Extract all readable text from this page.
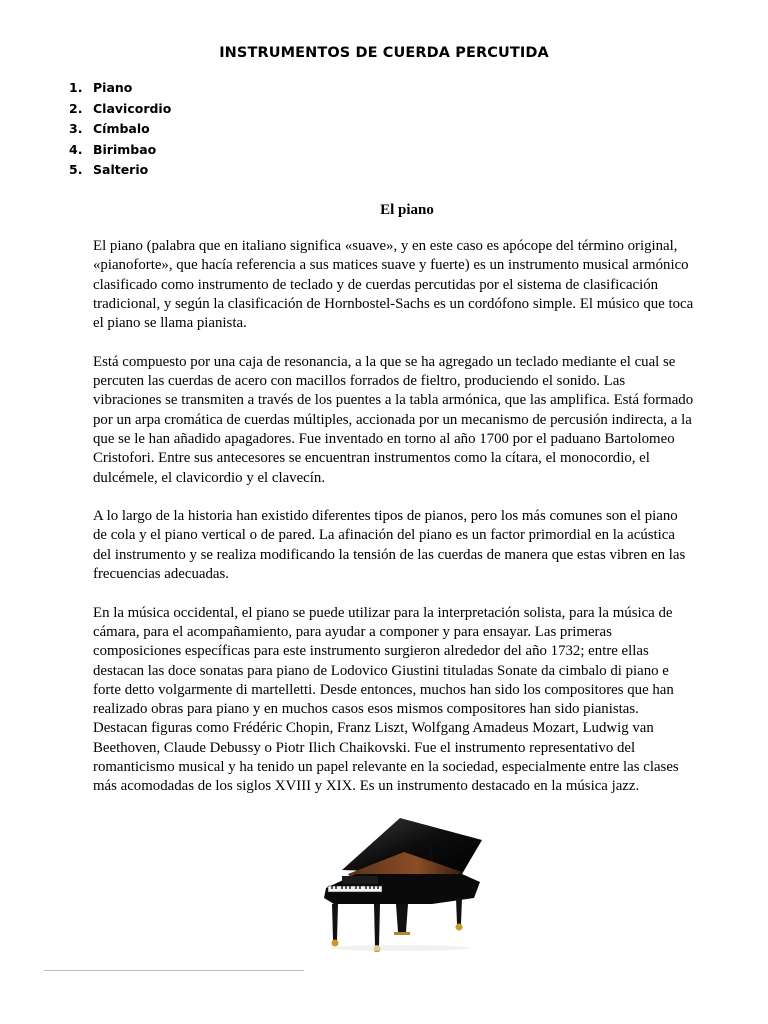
INSTRUMENTOS DE CUERDA PERCUTIDA
1. Piano
2. Clavicordio
3. Címbalo
4. Birimbao
5. Salterio
El piano

El piano (palabra que en italiano significa «suave», y en este caso es apócope del término original,
«pianoforte», que hacía referencia a sus matices suave y fuerte) es un instrumento musical armónico
clasificado como instrumento de teclado y de cuerdas percutidas por el sistema de clasificación
tradicional, y según la clasificación de Hornbostel-Sachs es un cordófono simple. El músico que toca
el piano se llama pianista.

Está compuesto por una caja de resonancia, a la que se ha agregado un teclado mediante el cual se
percuten las cuerdas de acero con macillos forrados de fieltro, produciendo el sonido. Las
vibraciones se transmiten a través de los puentes a la tabla armónica, que las amplifica. Está formado
por un arpa cromática de cuerdas múltiples, accionada por un mecanismo de percusión indirecta, a la
que se le han añadido apagadores. Fue inventado en torno al año 1700 por el paduano Bartolomeo
Cristofori. Entre sus antecesores se encuentran instrumentos como la cítara, el monocordio, el
dulcémele, el clavicordio y el clavecín.

A lo largo de la historia han existido diferentes tipos de pianos, pero los más comunes son el piano
de cola y el piano vertical o de pared. La afinación del piano es un factor primordial en la acústica
del instrumento y se realiza modificando la tensión de las cuerdas de manera que estas vibren en las
frecuencias adecuadas.

En la música occidental, el piano se puede utilizar para la interpretación solista, para la música de
cámara, para el acompañamiento, para ayudar a componer y para ensayar. Las primeras
composiciones específicas para este instrumento surgieron alrededor del año 1732; entre ellas
destacan las doce sonatas para piano de Lodovico Giustini tituladas Sonate da cimbalo di piano e
forte detto volgarmente di martelletti. Desde entonces, muchos han sido los compositores que han
realizado obras para piano y en muchos casos esos mismos compositores han sido pianistas.
Destacan figuras como Frédéric Chopin, Franz Liszt, Wolfgang Amadeus Mozart, Ludwig van
Beethoven, Claude Debussy o Piotr Ilich Chaikovski. Fue el instrumento representativo del
romanticismo musical y ha tenido un papel relevante en la sociedad, especialmente entre las clases
más acomodadas de los siglos XVIII y XIX. Es un instrumento destacado en la música jazz.
